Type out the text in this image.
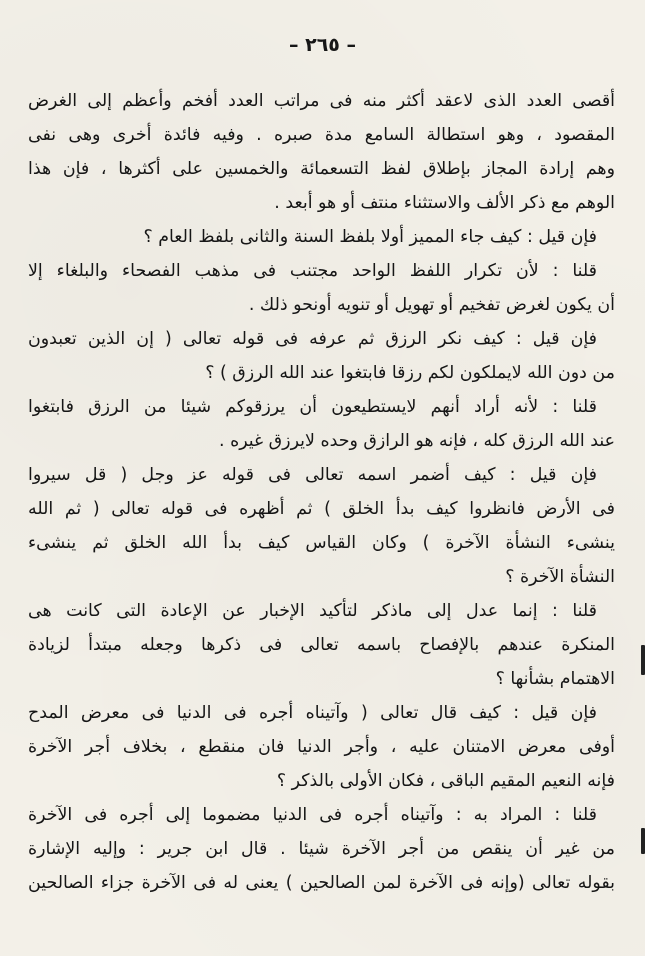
– ٢٦٥ –
أقصى العدد الذى لاعقد أكثر منه فى مراتب العدد أفخم وأعظم إلى الغرض
المقصود ، وهو استطالة السامع مدة صبره . وفيه فائدة أخرى وهى نفى
وهم إرادة المجاز بإطلاق لفظ التسعمائة والخمسين على أكثرها ، فإن هذا
الوهم مع ذكر الألف والاستثناء منتف أو هو أبعد .
فإن قيل : كيف جاء المميز أولا بلفظ السنة والثانى بلفظ العام ؟
قلنا : لأن تكرار اللفظ الواحد مجتنب فى مذهب الفصحاء والبلغاء إلا
أن يكون لغرض تفخيم أو تهويل أو تنويه أونحو ذلك .
فإن قيل : كيف نكر الرزق ثم عرفه فى قوله تعالى ( إن الذين تعبدون
من دون الله لايملكون لكم رزقا فابتغوا عند الله الرزق ) ؟
قلنا : لأنه أراد أنهم لايستطيعون أن يرزقوكم شيئا من الرزق فابتغوا
عند الله الرزق كله ، فإنه هو الرازق وحده لايرزق غيره .
فإن قيل : كيف أضمر اسمه تعالى فى قوله عز وجل ( قل سيروا
فى الأرض فانظروا كيف بدأ الخلق ) ثم أظهره فى قوله تعالى ( ثم الله
ينشىء النشأة الآخرة ) وكان القياس كيف بدأ الله الخلق ثم ينشىء
النشأة الآخرة ؟
قلنا : إنما عدل إلى ماذكر لتأكيد الإخبار عن الإعادة التى كانت هى
المنكرة عندهم بالإفصاح باسمه تعالى فى ذكرها وجعله مبتدأ لزيادة
الاهتمام بشأنها ؟
فإن قيل : كيف قال تعالى ( وآتيناه أجره فى الدنيا فى معرض المدح
أوفى معرض الامتنان عليه ، وأجر الدنيا فان منقطع ، بخلاف أجر الآخرة
فإنه النعيم المقيم الباقى ، فكان الأولى بالذكر ؟
قلنا : المراد به : وآتيناه أجره فى الدنيا مضموما إلى أجره فى الآخرة
من غير أن ينقص من أجر الآخرة شيئا . قال ابن جرير : وإليه الإشارة
بقوله تعالى (وإنه فى الآخرة لمن الصالحين ) يعنى له فى الآخرة جزاء الصالحين
